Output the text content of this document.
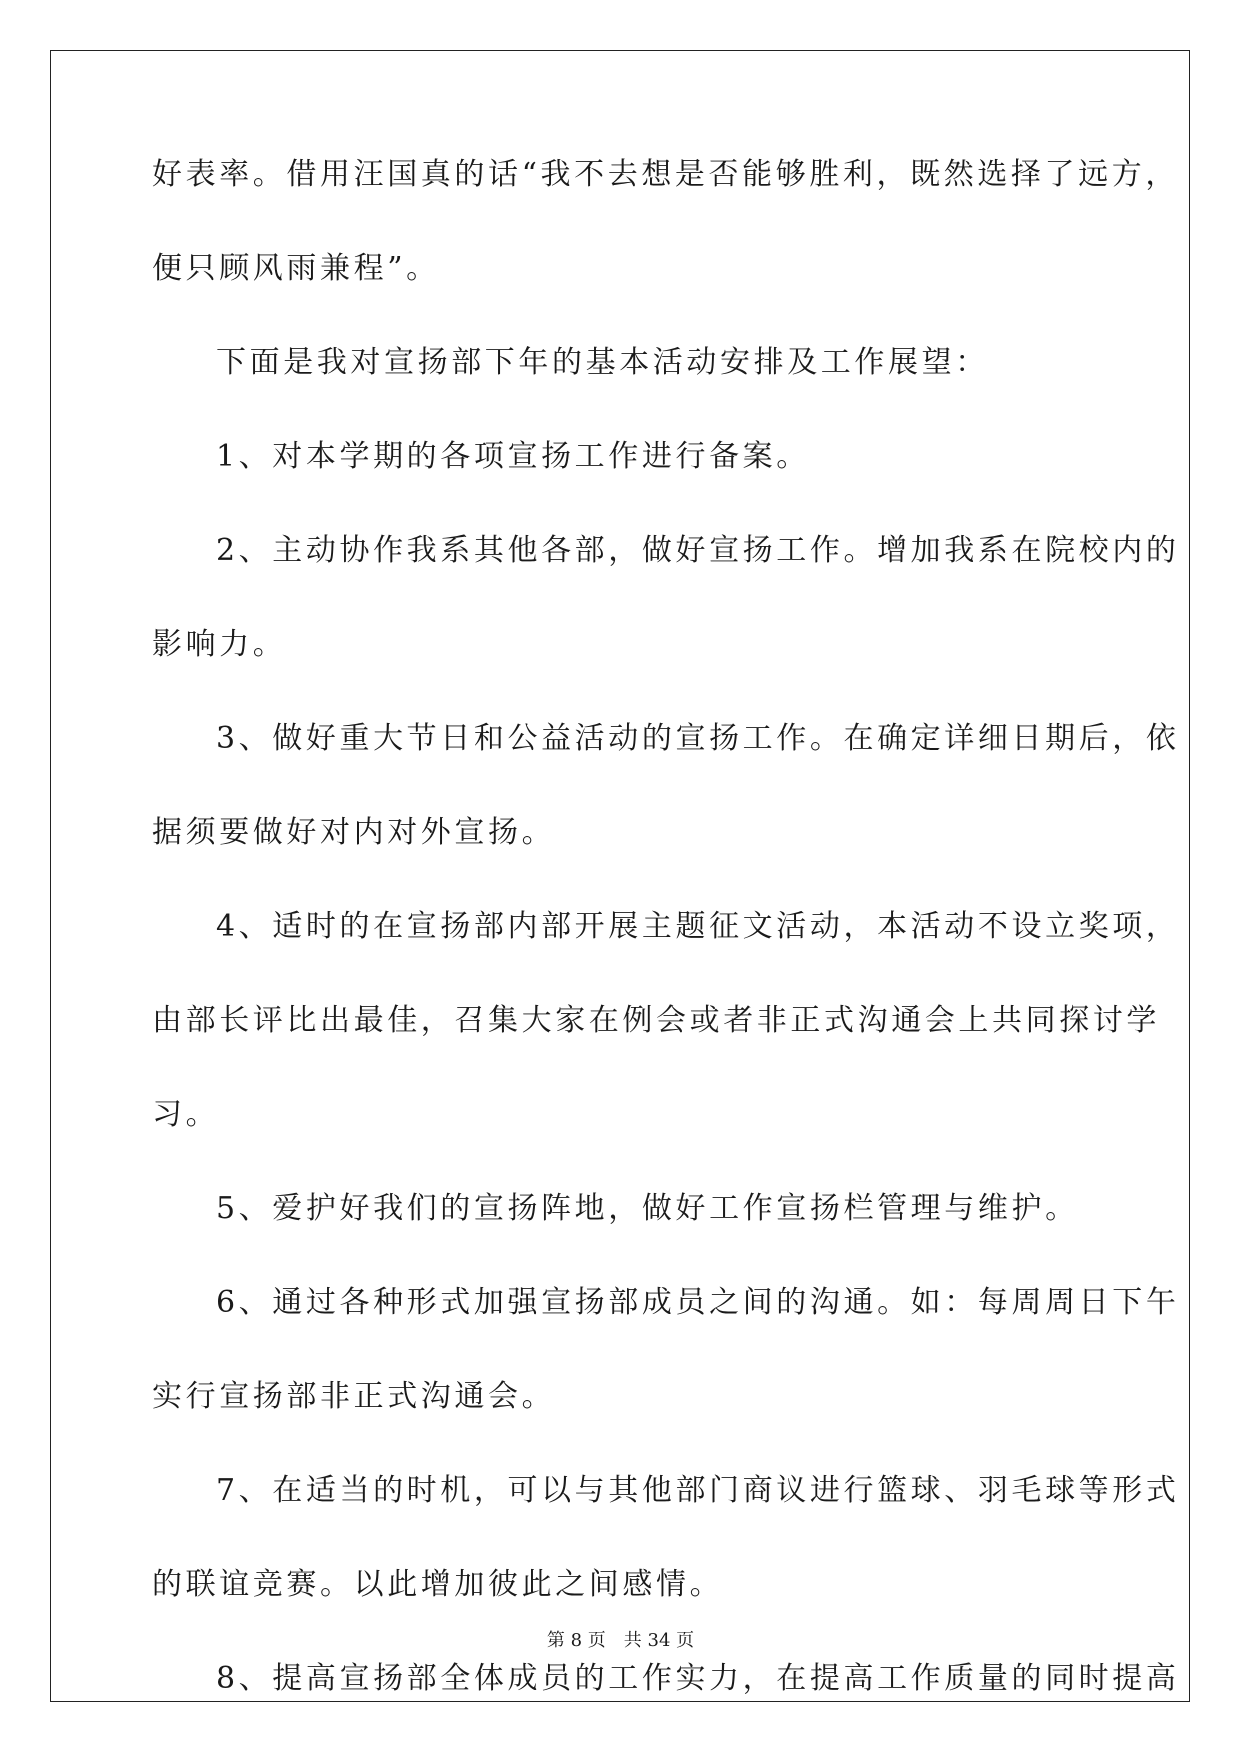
好表率。借用汪国真的话“我不去想是否能够胜利，既然选择了远方，
便只顾风雨兼程”。
下面是我对宣扬部下年的基本活动安排及工作展望：
1、对本学期的各项宣扬工作进行备案。
2、主动协作我系其他各部，做好宣扬工作。增加我系在院校内的
影响力。
3、做好重大节日和公益活动的宣扬工作。在确定详细日期后，依
据须要做好对内对外宣扬。
4、适时的在宣扬部内部开展主题征文活动，本活动不设立奖项，
由部长评比出最佳，召集大家在例会或者非正式沟通会上共同探讨学
习。
5、爱护好我们的宣扬阵地，做好工作宣扬栏管理与维护。
6、通过各种形式加强宣扬部成员之间的沟通。如：每周周日下午
实行宣扬部非正式沟通会。
7、在适当的时机，可以与其他部门商议进行篮球、羽毛球等形式
的联谊竞赛。以此增加彼此之间感情。
8、提高宣扬部全体成员的工作实力，在提高工作质量的同时提高
第 8 页　共 34 页
